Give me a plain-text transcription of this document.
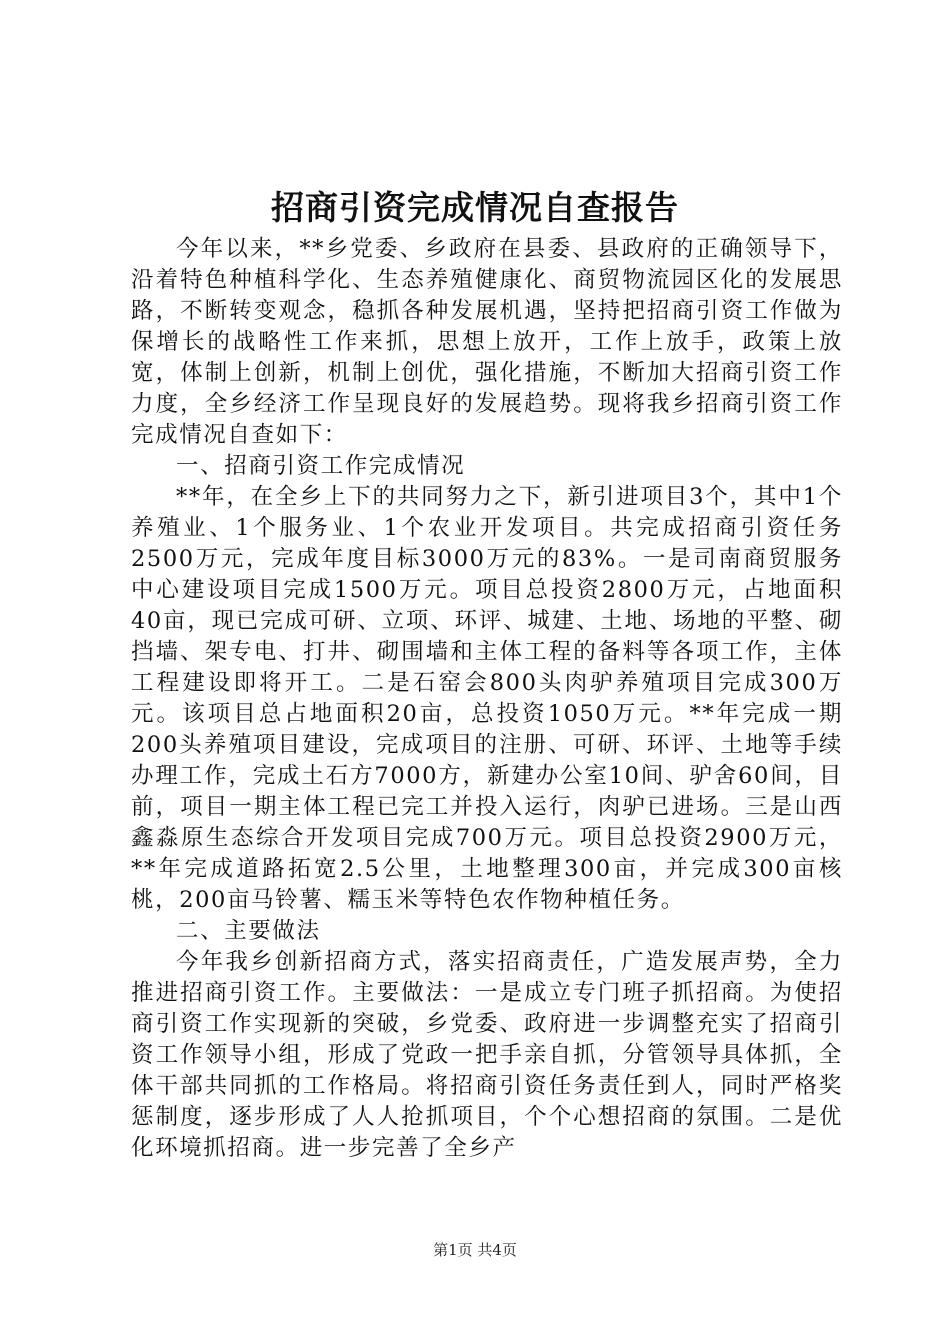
招商引资完成情况自查报告

今年以来，**乡党委、乡政府在县委、县政府的正确领导下，沿着特色种植科学化、生态养殖健康化、商贸物流园区化的发展思路，不断转变观念，稳抓各种发展机遇，坚持把招商引资工作做为保增长的战略性工作来抓，思想上放开，工作上放手，政策上放宽，体制上创新，机制上创优，强化措施，不断加大招商引资工作力度，全乡经济工作呈现良好的发展趋势。现将我乡招商引资工作完成情况自查如下：

一、招商引资工作完成情况

**年，在全乡上下的共同努力之下，新引进项目3个，其中1个养殖业、1个服务业、1个农业开发项目。共完成招商引资任务2500万元，完成年度目标3000万元的83%。一是司南商贸服务中心建设项目完成1500万元。项目总投资2800万元，占地面积40亩，现已完成可研、立项、环评、城建、土地、场地的平整、砌挡墙、架专电、打井、砌围墙和主体工程的备料等各项工作，主体工程建设即将开工。二是石窑会800头肉驴养殖项目完成300万元。该项目总占地面积20亩，总投资1050万元。**年完成一期200头养殖项目建设，完成项目的注册、可研、环评、土地等手续办理工作，完成土石方7000方，新建办公室10间、驴舍60间，目前，项目一期主体工程已完工并投入运行，肉驴已进场。三是山西鑫淼原生态综合开发项目完成700万元。项目总投资2900万元，**年完成道路拓宽2.5公里，土地整理300亩，并完成300亩核桃，200亩马铃薯、糯玉米等特色农作物种植任务。

二、主要做法

今年我乡创新招商方式，落实招商责任，广造发展声势，全力推进招商引资工作。主要做法：一是成立专门班子抓招商。为使招商引资工作实现新的突破，乡党委、政府进一步调整充实了招商引资工作领导小组，形成了党政一把手亲自抓，分管领导具体抓，全体干部共同抓的工作格局。将招商引资任务责任到人，同时严格奖惩制度，逐步形成了人人抢抓项目，个个心想招商的氛围。二是优化环境抓招商。进一步完善了全乡产

第1页 共4页
